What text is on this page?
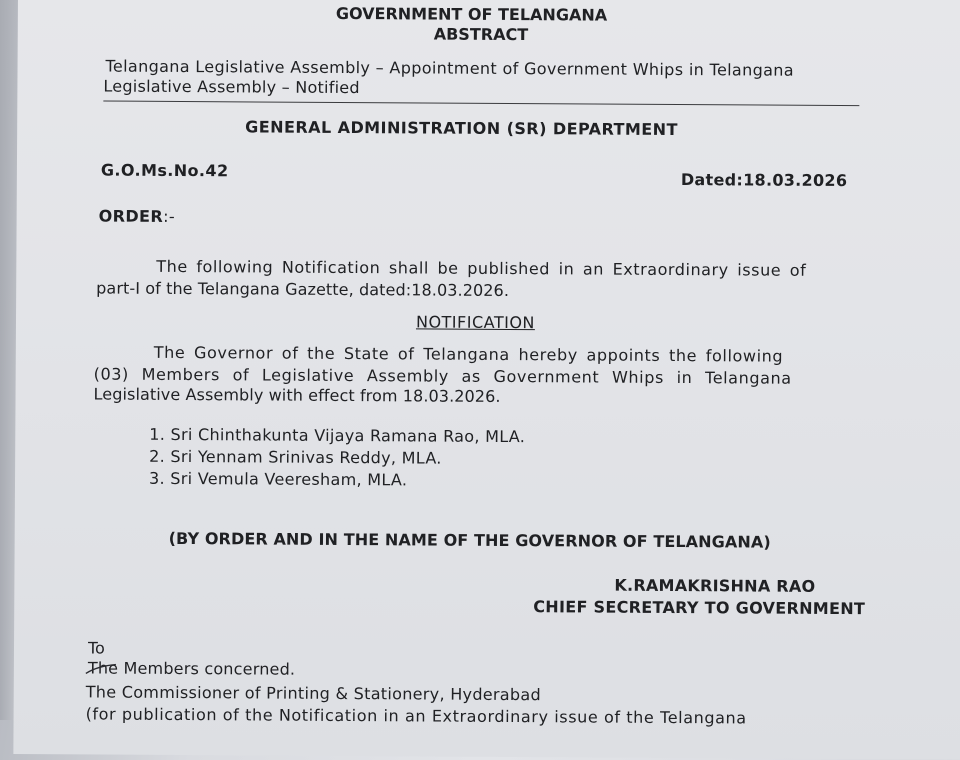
GOVERNMENT OF TELANGANA
ABSTRACT
Telangana Legislative Assembly – Appointment of Government Whips in Telangana
Legislative Assembly – Notified
GENERAL ADMINISTRATION (SR) DEPARTMENT
G.O.Ms.No.42	Dated:18.03.2026
ORDER:-
The following Notification shall be published in an Extraordinary issue of
part-I of the Telangana Gazette, dated:18.03.2026.
NOTIFICATION
The Governor of the State of Telangana hereby appoints the following
(03) Members of Legislative Assembly as Government Whips in Telangana
Legislative Assembly with effect from 18.03.2026.
1. Sri Chinthakunta Vijaya Ramana Rao, MLA.
2. Sri Yennam Srinivas Reddy, MLA.
3. Sri Vemula Veeresham, MLA.
(BY ORDER AND IN THE NAME OF THE GOVERNOR OF TELANGANA)
K.RAMAKRISHNA RAO
CHIEF SECRETARY TO GOVERNMENT
To
The Members concerned.
The Commissioner of Printing & Stationery, Hyderabad
(for publication of the Notification in an Extraordinary issue of the Telangana
